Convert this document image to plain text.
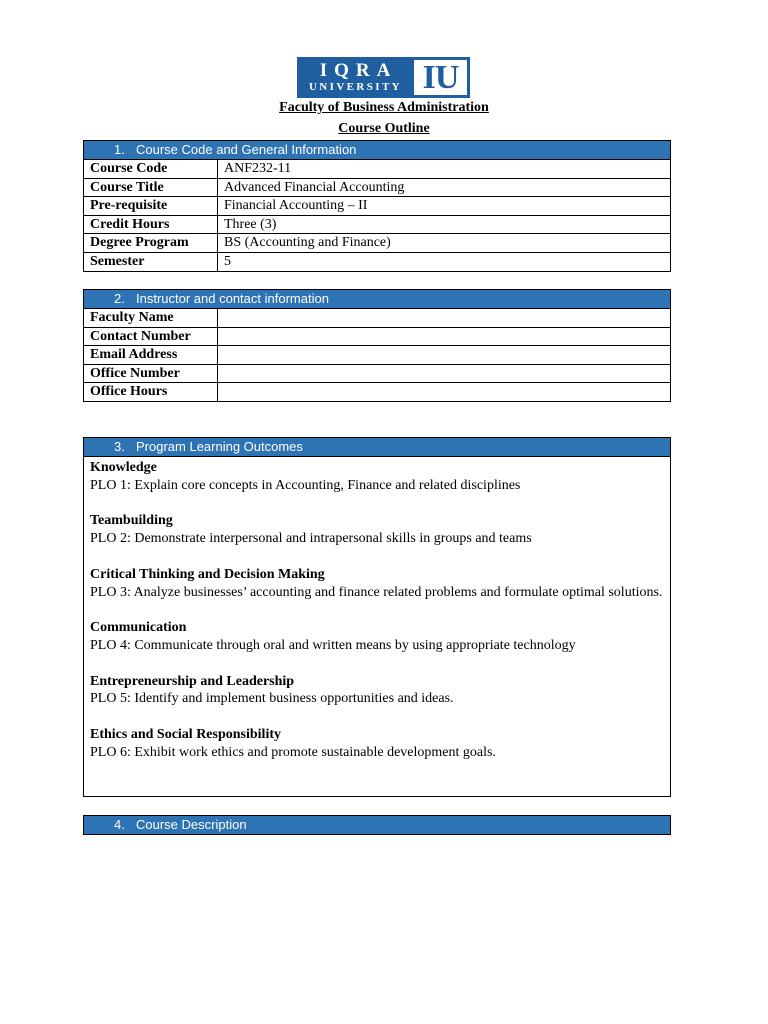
IQRA
UNIVERSITY IU
Faculty of Business Administration
Course Outline
1. Course Code and General Information
Course Code	ANF232-11
Course Title	Advanced Financial Accounting
Pre-requisite	Financial Accounting – II
Credit Hours	Three (3)
Degree Program	BS (Accounting and Finance)
Semester	5
2. Instructor and contact information
Faculty Name	
Contact Number	
Email Address	
Office Number	
Office Hours	
3. Program Learning Outcomes
Knowledge
PLO 1: Explain core concepts in Accounting, Finance and related disciplines
Teambuilding
PLO 2: Demonstrate interpersonal and intrapersonal skills in groups and teams
Critical Thinking and Decision Making
PLO 3: Analyze businesses’ accounting and finance related problems and formulate optimal solutions.
Communication
PLO 4: Communicate through oral and written means by using appropriate technology
Entrepreneurship and Leadership
PLO 5: Identify and implement business opportunities and ideas.
Ethics and Social Responsibility
PLO 6: Exhibit work ethics and promote sustainable development goals.
4. Course Description
